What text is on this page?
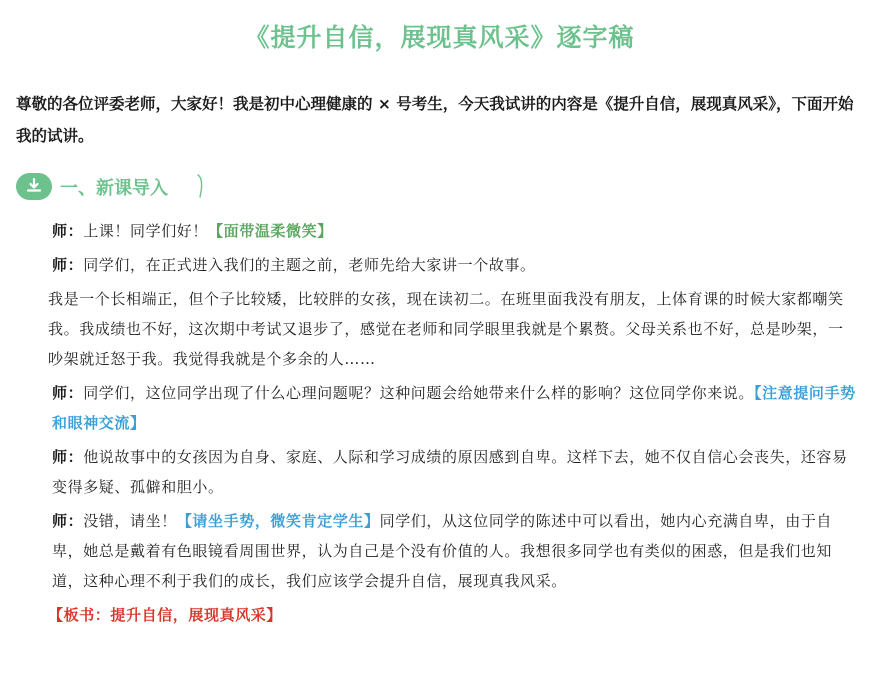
《提升自信，展现真风采》逐字稿

尊敬的各位评委老师，大家好！我是初中心理健康的 × 号考生，今天我试讲的内容是《提升自信，展现真风采》，下面开始我的试讲。

一、新课导入

师：上课！同学们好！【面带温柔微笑】

师：同学们，在正式进入我们的主题之前，老师先给大家讲一个故事。

我是一个长相端正，但个子比较矮，比较胖的女孩，现在读初二。在班里面我没有朋友，上体育课的时候大家都嘲笑我。我成绩也不好，这次期中考试又退步了，感觉在老师和同学眼里我就是个累赘。父母关系也不好，总是吵架，一吵架就迁怒于我。我觉得我就是个多余的人……

师：同学们，这位同学出现了什么心理问题呢？这种问题会给她带来什么样的影响？这位同学你来说。【注意提问手势和眼神交流】

师：他说故事中的女孩因为自身、家庭、人际和学习成绩的原因感到自卑。这样下去，她不仅自信心会丧失，还容易变得多疑、孤僻和胆小。

师：没错，请坐！【请坐手势，微笑肯定学生】同学们，从这位同学的陈述中可以看出，她内心充满自卑，由于自卑，她总是戴着有色眼镜看周围世界，认为自己是个没有价值的人。我想很多同学也有类似的困惑，但是我们也知道，这种心理不利于我们的成长，我们应该学会提升自信，展现真我风采。

【板书：提升自信，展现真风采】
